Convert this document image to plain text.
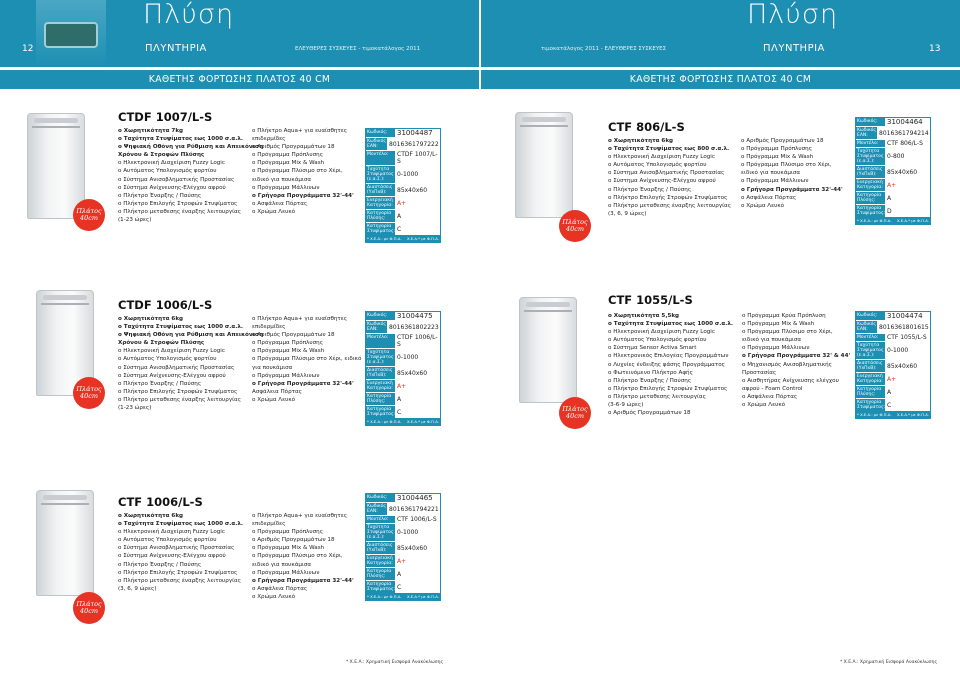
Πλύση
12	ΠΛΥΝΤΗΡΙΑ	ΕΛΕΥΘΕΡΕΣ ΣΥΣΚΕΥΕΣ - τιμοκατάλογος 2011
Πλύση
ΠΛΥΝΤΗΡΙΑ
τιμοκατάλογος 2011 - ΕΛΕΥΘΕΡΕΣ ΣΥΣΚΕΥΕΣ	13
ΚΑΘΕΤΗΣ ΦΟΡΤΩΣΗΣ ΠΛΑΤΟΣ 40 CM	ΚΑΘΕΤΗΣ ΦΟΡΤΩΣΗΣ ΠΛΑΤΟΣ 40 CM
Πλάτος
40cm
CTDF 1007/L-S
o Χωρητικότητα 7kg
o Ταχύτητα Στυψίματος εως 1000 σ.α.λ.
o Ψηφιακή Οθόνη για Ρύθμιση και Απεικόνιση
Χρόνου & Στροφών Πλύσης
o Ηλεκτρονική Διαχείριση Fuzzy Logic
o Αυτόματος Υπολογισμός φορτίου
o Σύστημα Ανισοβληματικής Προστασίας
o Σύστημα Ανίχνευσης-Ελέγχου αφρού
o Πλήκτρο Έναρξης / Παύσης
o Πλήκτρο Επιλογής Στροφών Στυψίματος
o Πλήκτρο μεταθεσης έναρξης λειτουργίας
(1-23 ώρες)
o Πλήκτρο Aqua+ για ευαίσθητες
επιδερμίδες
o Αριθμός Προγραμμάτων 18
o Πρόγραμμα Πρόπλυσης
o Πρόγραμμα Mix & Wash
o Πρόγραμμα Πλύσιμο στο Χέρι,
ειδικό για πουκάμισα
o Πρόγραμμα Μάλλινων
o Γρήγορα Προγράμματα 32'-44'
o Ασφάλεια Πόρτας
o Χρώμα Λευκό
Κωδικός:	31004487
Κωδικός EAN:	8016361797222
Μοντέλο:	CTDF 1007/L-S
Ταχύτητα Στυψίματος (ε.α.Σ.):
0-1000
Διαστάσεις (ΥxΠxΒ):	85x40x60
Ενεργειακή Κατηγορία: A+
Κατηγορία Πλύσης:	A
Κατηγορία Στυψίματος: C
* Χ.Ε.Α.: με Φ.Π.Α. Χ.Ε.Α.* με Φ.Π.Α.
Πλάτος
40cm
CTF 806/L-S
o Χωρητικότητα 6kg
o Ταχύτητα Στυψίματος εως 800 σ.α.λ.
o Ηλεκτρονική Διαχείριση Fuzzy Logic
o Αυτόματος Υπολογισμός φορτίου
o Σύστημα Ανισοβληματικής Προστασίας
o Σύστημα Ανίχνευσης-Ελέγχου αφρού
o Πλήκτρο Έναρξης / Παύσης
o Πλήκτρο Επιλογής Στροφών Στυψίματος
o Πλήκτρο μεταθεσης έναρξης λειτουργίας
(3, 6, 9 ώρες)
o Αριθμός Προγραμμάτων 18
o Πρόγραμμα Πρόπλυσης
o Πρόγραμμα Mix & Wash
o Πρόγραμμα Πλύσιμο στο Χέρι,
ειδικό για πουκάμισα
o Πρόγραμμα Μάλλινων
o Γρήγορα Προγράμματα 32'-44'
o Ασφάλεια Πόρτας
o Χρώμα Λευκό
Κωδικός:	31004464
Κωδικός EAN:	8016361794214
Μοντέλο:	CTF 806/L-S
Ταχύτητα Στυψίματος (ε.α.Σ.):
0-800
Διαστάσεις (ΥxΠxΒ):	85x40x60
Ενεργειακή Κατηγορία: A+
Κατηγορία Πλύσης:	A
Κατηγορία Στυψίματος: D
* Χ.Ε.Α.: με Φ.Π.Α. Χ.Ε.Α.* με Φ.Π.Α.
Πλάτος
40cm
CTDF 1006/L-S
o Χωρητικότητα 6kg
o Ταχύτητα Στυψίματος εως 1000 σ.α.λ.
o Ψηφιακή Οθόνη για Ρύθμιση και Απεικόνιση
Χρόνου & Στροφών Πλύσης
o Ηλεκτρονική Διαχείριση Fuzzy Logic
o Αυτόματος Υπολογισμός φορτίου
o Σύστημα Ανισοβληματικής Προστασίας
o Σύστημα Ανίχνευσης-Ελέγχου αφρού
o Πλήκτρο Έναρξης / Παύσης
o Πλήκτρο Επιλογής Στροφών Στυψίματος
o Πλήκτρο μεταθεσης έναρξης λειτουργίας
(1-23 ώρες)
o Πλήκτρο Aqua+ για ευαίσθητες
επιδερμίδες
o Αριθμός Προγραμμάτων 18
o Πρόγραμμα Πρόπλυσης
o Πρόγραμμα Mix & Wash
o Πρόγραμμα Πλύσιμο στο Χέρι, ειδικό
για πουκάμισα
o Πρόγραμμα Μάλλινων
o Γρήγορα Προγράμματα 32'-44'
Ασφάλεια Πόρτας
o Χρώμα Λευκό
Κωδικός:	31004475
Κωδικός EAN:	8016361802223
Μοντέλο:	CTDF 1006/L-S
Ταχύτητα Στυψίματος (ε.α.Σ.):
0-1000
Διαστάσεις (ΥxΠxΒ):	85x40x60
Ενεργειακή Κατηγορία: A+
Κατηγορία Πλύσης:	A
Κατηγορία Στυψίματος: C
* Χ.Ε.Α.: με Φ.Π.Α. Χ.Ε.Α.* με Φ.Π.Α.
Πλάτος
40cm
CTF 1055/L-S
o Χωρητικότητα 5,5kg
o Ταχύτητα Στυψίματος εως 1000 σ.α.λ.
o Ηλεκτρονική Διαχείριση Fuzzy Logic
o Αυτόματος Υπολογισμός φορτίου
o Σύστημα Sensor Activa Smart
o Ηλεκτρονικός Επιλογέας Προγραμμάτων
o Λυχνίες ένδειξης φάσης Προγράμματος
o Φωτεινόμενο Πλήκτρο Αφής
o Πλήκτρο Έναρξης / Παύσης
o Πλήκτρο Επιλογής Στροφών Στυψίματος
o Πλήκτρο μεταθεσης λειτουργίας
(3-6-9 ώρες)
o Αριθμός Προγραμμάτων 18
o Πρόγραμμα Κρύα Πρόπλυση
o Πρόγραμμα Mix & Wash
o Πρόγραμμα Πλύσιμο στο Χέρι,
ειδικό για πουκάμισα
o Πρόγραμμα Μάλλινων
o Γρήγορα Προγράμματα 32' & 44'
o Μηχανισμός Ανισοβληματικής
Προστασίας
o Αισθητήρας Ανίχνευσης ελέγχου
αφρού - Foam Control
o Ασφάλεια Πόρτας
o Χρώμα Λευκό
Κωδικός:	31004474
Κωδικός EAN:	8016361801615
Μοντέλο:	CTF 1055/L-S
Ταχύτητα Στυψίματος (ε.α.Σ.):
0-1000
Διαστάσεις (ΥxΠxΒ):	85x40x60
Ενεργειακή Κατηγορία: A+
Κατηγορία Πλύσης:	A
Κατηγορία Στυψίματος: C
* Χ.Ε.Α.: με Φ.Π.Α. Χ.Ε.Α.* με Φ.Π.Α.
Πλάτος
40cm
CTF 1006/L-S
o Χωρητικότητα 6kg
o Ταχύτητα Στυψίματος εως 1000 σ.α.λ.
o Ηλεκτρονική Διαχείριση Fuzzy Logic
o Αυτόματος Υπολογισμός φορτίου
o Σύστημα Ανισοβληματικής Προστασίας
o Σύστημα Ανίχνευσης-Ελέγχου αφρού
o Πλήκτρο Έναρξης / Παύσης
o Πλήκτρο Επιλογής Στροφών Στυψίματος
o Πλήκτρο μεταθεσης έναρξης λειτουργίας
(3, 6, 9 ώρες)
o Πλήκτρο Aqua+ για ευαίσθητες
επιδερμίδες
o Πρόγραμμα Πρόπλυσης
o Αριθμός Προγραμμάτων 18
o Πρόγραμμα Mix & Wash
o Πρόγραμμα Πλύσιμο στο Χέρι,
ειδικό για πουκάμισα
o Πρόγραμμα Μάλλινων
o Γρήγορα Προγράμματα 32'-44'
o Ασφάλεια Πόρτας
o Χρώμα Λευκό
Κωδικός:	31004465
Κωδικός EAN:	8016361794221
Μοντέλο:	CTF 1006/L-S
Ταχύτητα Στυψίματος (ε.α.Σ.):
0-1000
Διαστάσεις (ΥxΠxΒ):	85x40x60
Ενεργειακή Κατηγορία: A+
Κατηγορία Πλύσης:	A
Κατηγορία Στυψίματος: C
* Χ.Ε.Α.: με Φ.Π.Α. Χ.Ε.Α.* με Φ.Π.Α.
* Χ.Ε.Α.: Χρηματική Εισφορά Ανακύκλωσης	* Χ.Ε.Α.: Χρηματική Εισφορά Ανακύκλωσης
